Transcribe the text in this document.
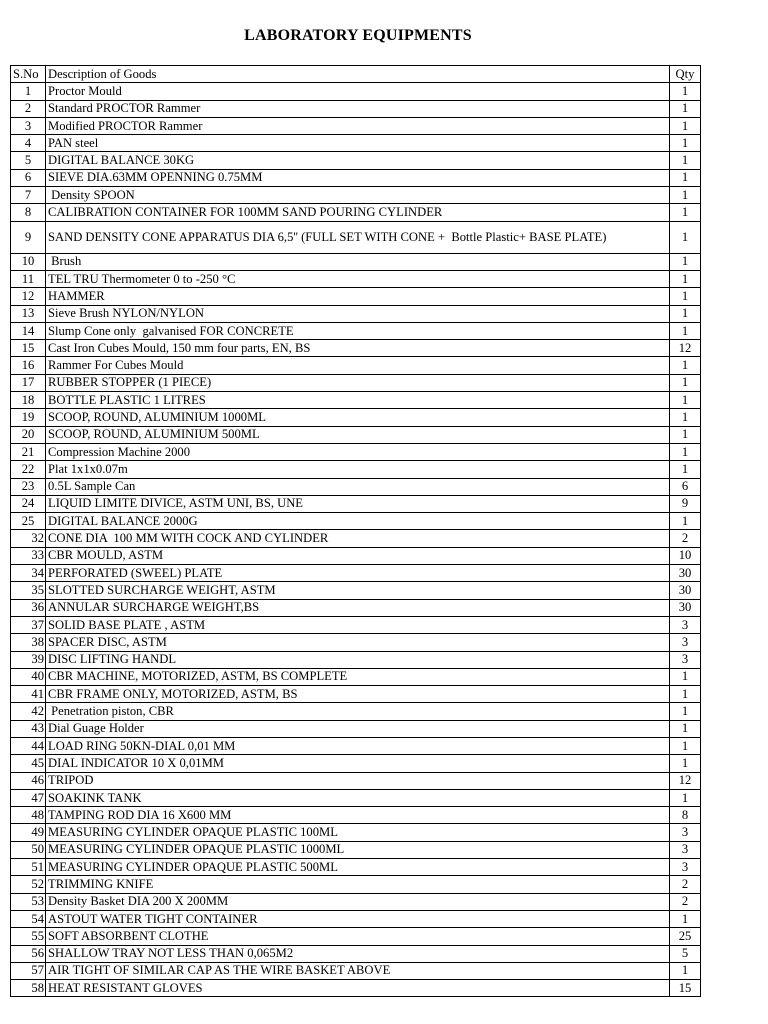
LABORATORY EQUIPMENTS
S.No	Description of Goods	Qty
1	Proctor Mould	1
2	Standard PROCTOR Rammer	1
3	Modified PROCTOR Rammer	1
4	PAN steel	1
5	DIGITAL BALANCE 30KG	1
6	SIEVE DIA.63MM OPENNING 0.75MM	1
7	Density SPOON	1
8	CALIBRATION CONTAINER FOR 100MM SAND POURING CYLINDER	1
9	SAND DENSITY CONE APPARATUS DIA 6,5'' (FULL SET WITH CONE +  Bottle Plastic+ BASE PLATE)	1
10	Brush	1
11	TEL TRU Thermometer 0 to -250 °C	1
12	HAMMER	1
13	Sieve Brush NYLON/NYLON	1
14	Slump Cone only  galvanised FOR CONCRETE	1
15	Cast Iron Cubes Mould, 150 mm four parts, EN, BS	12
16	Rammer For Cubes Mould	1
17	RUBBER STOPPER (1 PIECE)	1
18	BOTTLE PLASTIC 1 LITRES	1
19	SCOOP, ROUND, ALUMINIUM 1000ML	1
20	SCOOP, ROUND, ALUMINIUM 500ML	1
21	Compression Machine 2000	1
22	Plat 1x1x0.07m	1
23	0.5L Sample Can	6
24	LIQUID LIMITE DIVICE, ASTM UNI, BS, UNE	9
25	DIGITAL BALANCE 2000G	1
32	CONE DIA  100 MM WITH COCK AND CYLINDER	2
33	CBR MOULD, ASTM	10
34	PERFORATED (SWEEL) PLATE	30
35	SLOTTED SURCHARGE WEIGHT, ASTM	30
36	ANNULAR SURCHARGE WEIGHT,BS	30
37	SOLID BASE PLATE , ASTM	3
38	SPACER DISC, ASTM	3
39	DISC LIFTING HANDL	3
40	CBR MACHINE, MOTORIZED, ASTM, BS COMPLETE	1
41	CBR FRAME ONLY, MOTORIZED, ASTM, BS	1
42	Penetration piston, CBR	1
43	Dial Guage Holder	1
44	LOAD RING 50KN-DIAL 0,01 MM	1
45	DIAL INDICATOR 10 X 0,01MM	1
46	TRIPOD	12
47	SOAKINK TANK	1
48	TAMPING ROD DIA 16 X600 MM	8
49	MEASURING CYLINDER OPAQUE PLASTIC 100ML	3
50	MEASURING CYLINDER OPAQUE PLASTIC 1000ML	3
51	MEASURING CYLINDER OPAQUE PLASTIC 500ML	3
52	TRIMMING KNIFE	2
53	Density Basket DIA 200 X 200MM	2
54	ASTOUT WATER TIGHT CONTAINER	1
55	SOFT ABSORBENT CLOTHE	25
56	SHALLOW TRAY NOT LESS THAN 0,065M2	5
57	AIR TIGHT OF SIMILAR CAP AS THE WIRE BASKET ABOVE	1
58	HEAT RESISTANT GLOVES	15
